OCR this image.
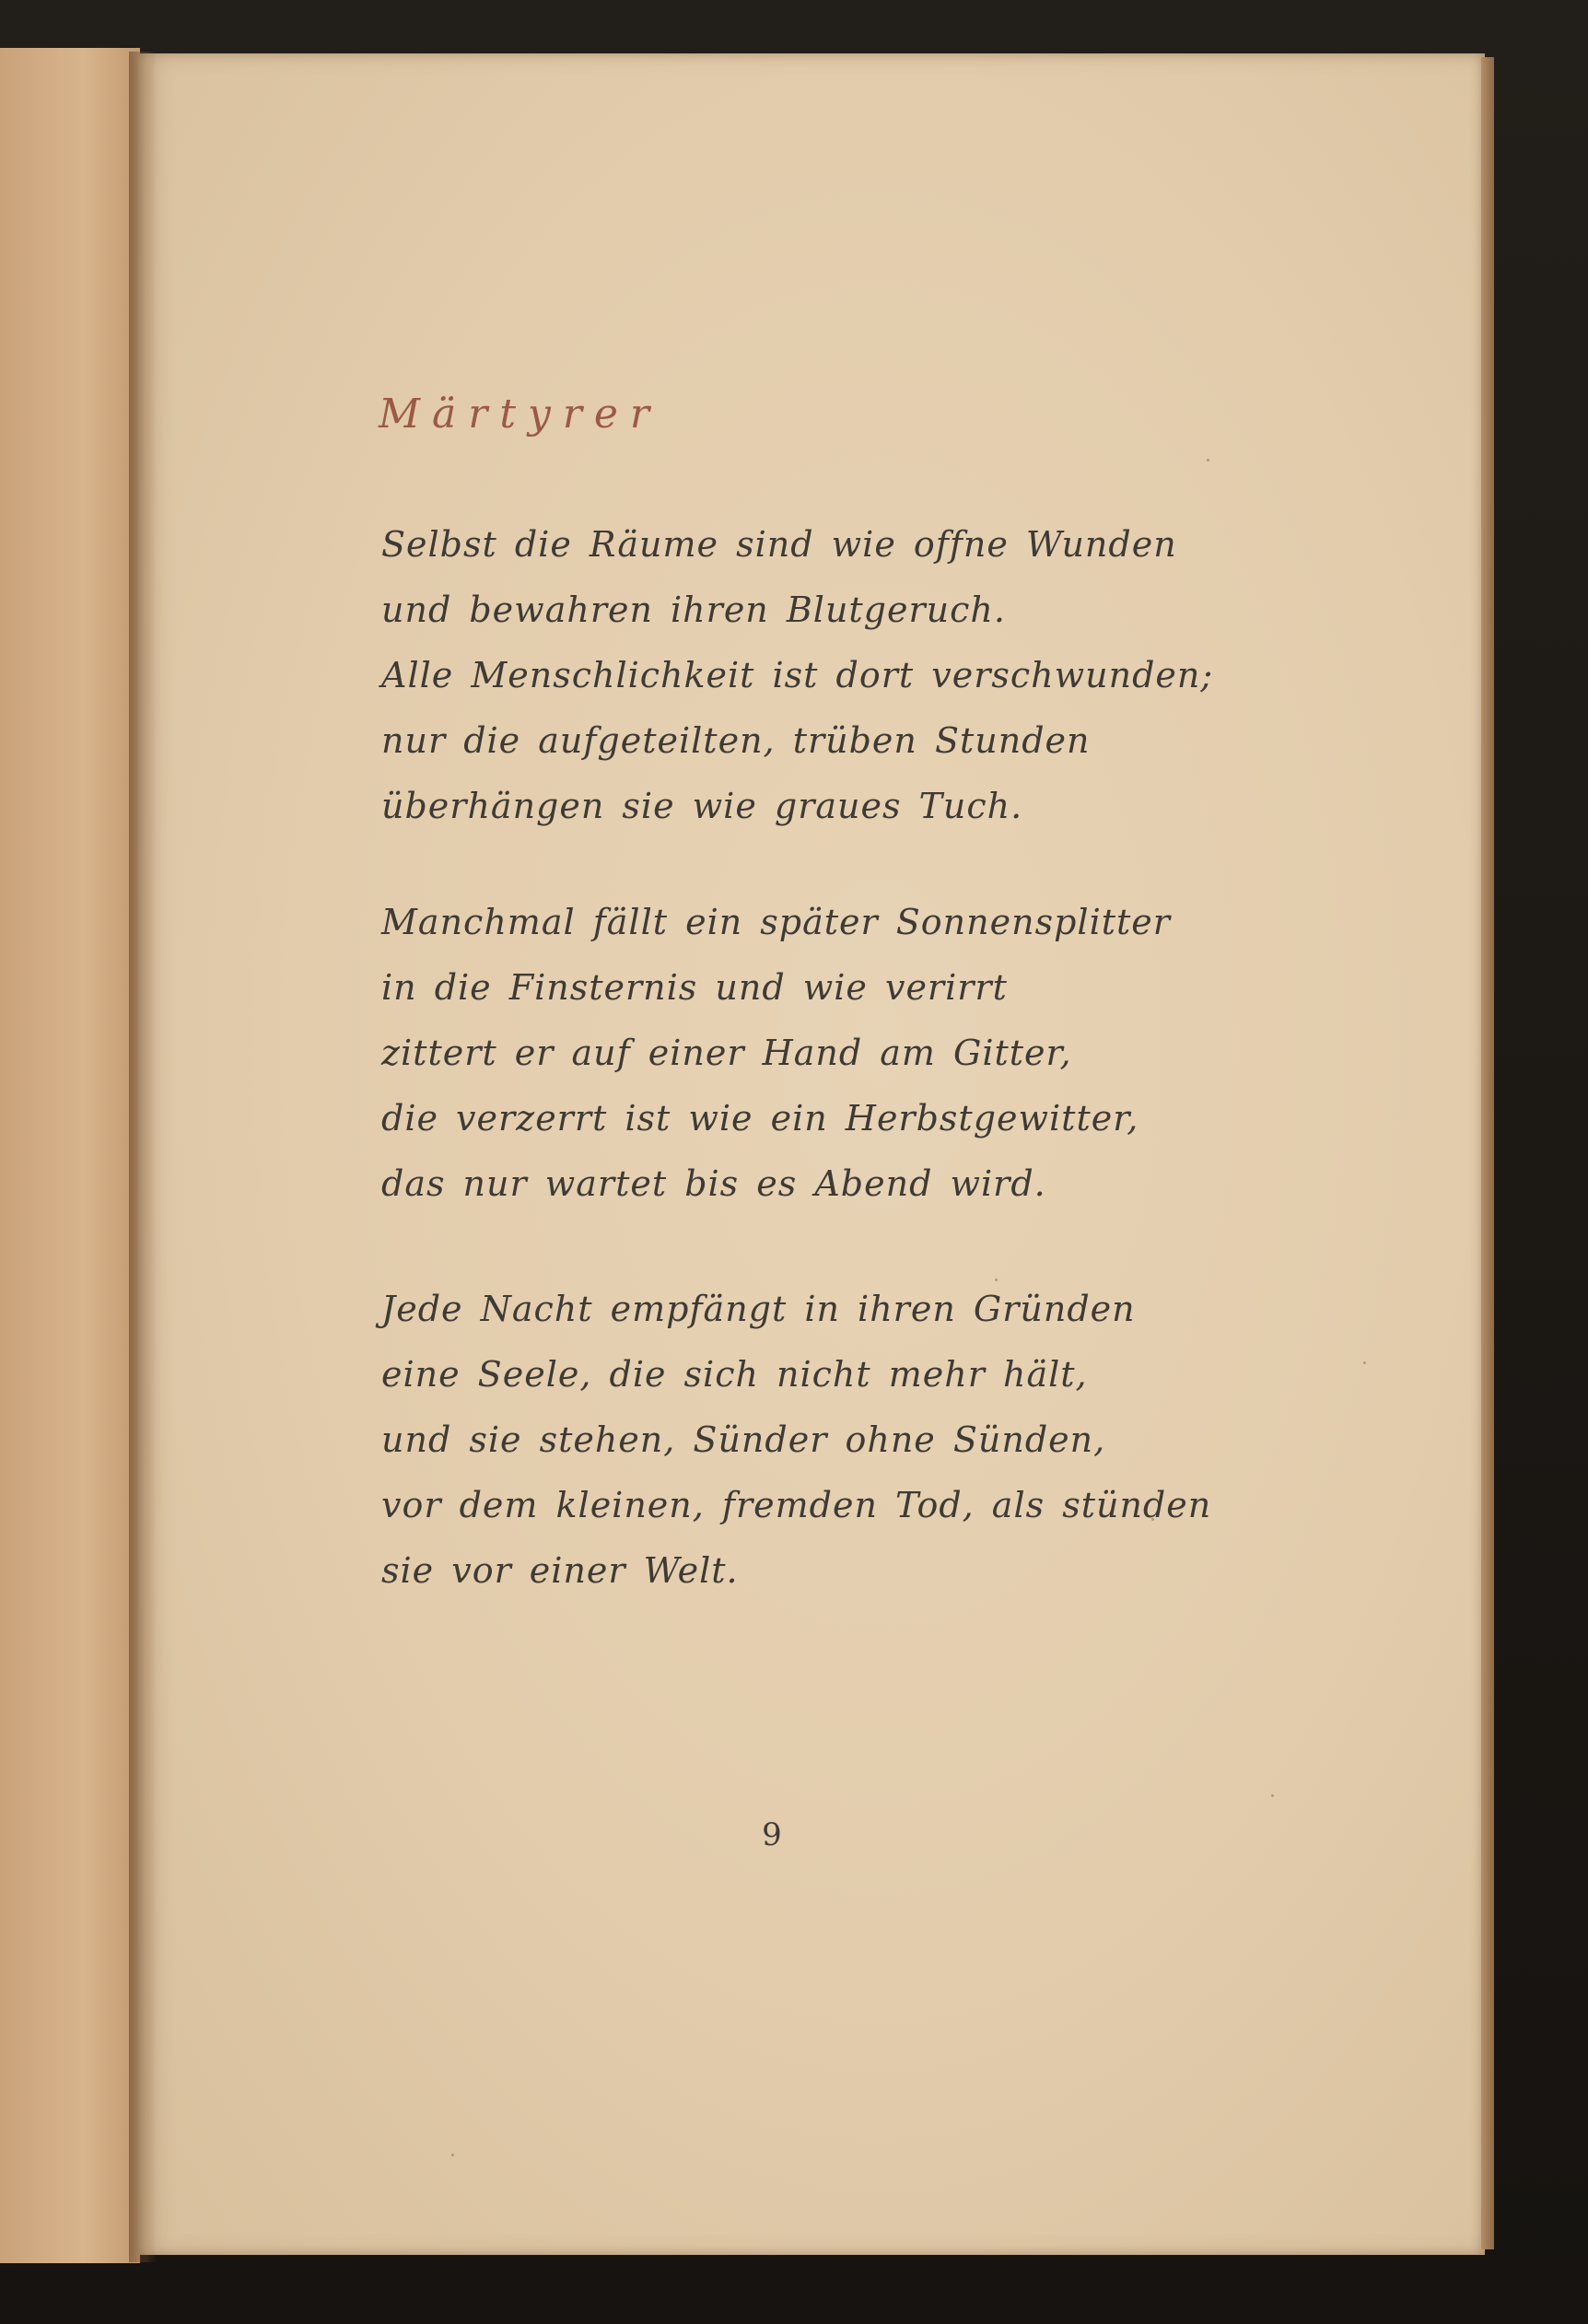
Märtyrer
Selbst die Räume sind wie offne Wunden
und bewahren ihren Blutgeruch.
Alle Menschlichkeit ist dort verschwunden;
nur die aufgeteilten, trüben Stunden
überhängen sie wie graues Tuch.
Manchmal fällt ein später Sonnensplitter
in die Finsternis und wie verirrt
zittert er auf einer Hand am Gitter,
die verzerrt ist wie ein Herbstgewitter,
das nur wartet bis es Abend wird.
Jede Nacht empfängt in ihren Gründen
eine Seele, die sich nicht mehr hält,
und sie stehen, Sünder ohne Sünden,
vor dem kleinen, fremden Tod, als stünden
sie vor einer Welt.
9
